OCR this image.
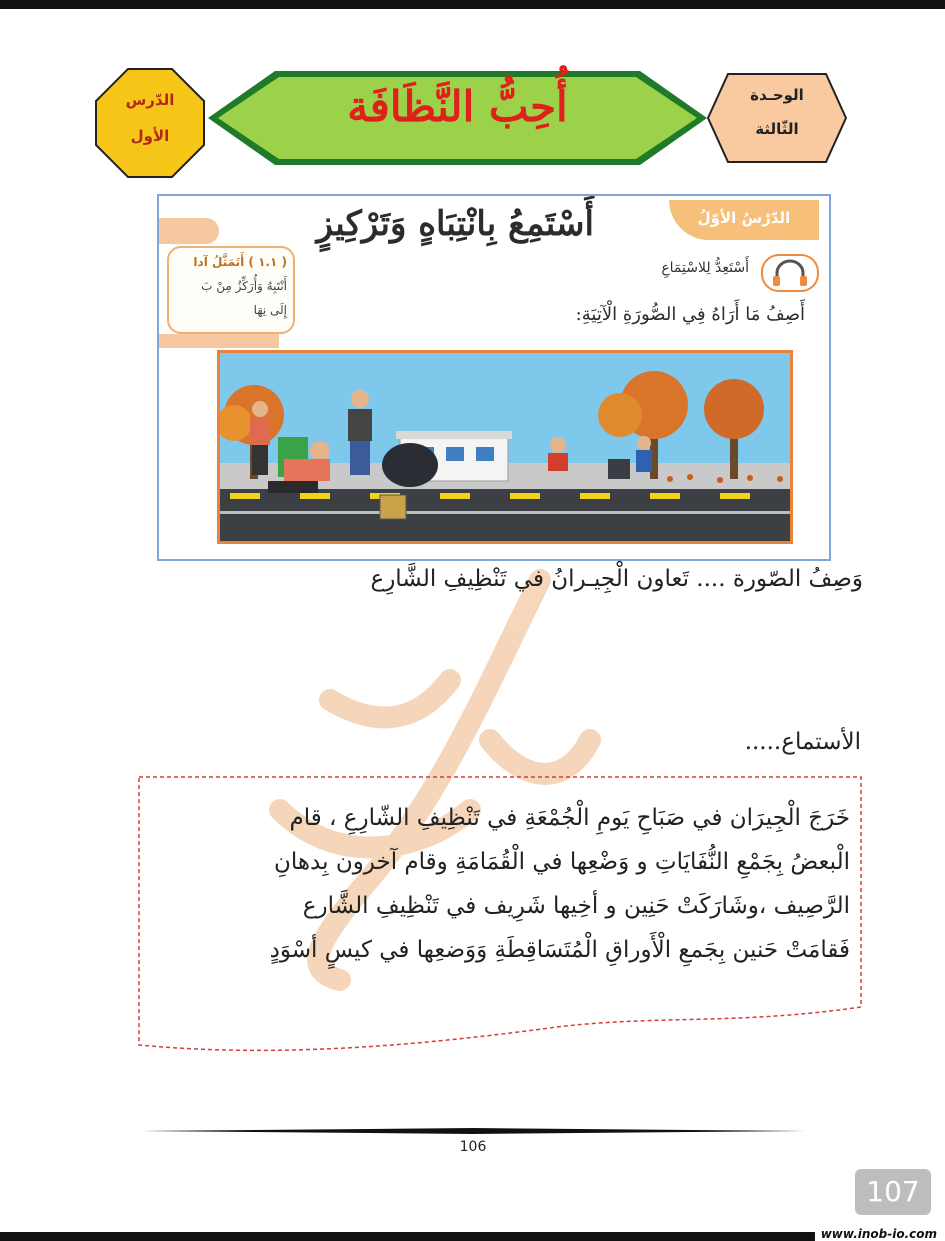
الوحـدة
الثّالثة
أُحِبُّ النَّظَافَة
الدّرس
الأول
الدّرْسُ الأوّلُ
أَسْتَمِعُ بِانْتِبَاهٍ وَتَرْكِيزٍ
أَسْتَعِدُّ لِلاسْتِمَاعِ
أَصِفُ مَا أَرَاهُ فِي الصُّورَةِ الْآتِيَةِ:
( ١.١ ) أَتَمَثَّلُ آدا
أَنْتَبِهُ وَأُرَكِّزُ مِنْ بَ
إِلَى نِهَا
وَصِفُ الصّورة .... تَعاون الْجِيـرانُ في تَنْظِيفِ الشَّارِع
الأستماع.....
خَرَجَ الْجِيرَان في صَبَاحِ يَومِ الْجُمْعَةِ في تَنْظِيفِ الشّارِعِ ، قام
الْبعضُ بِجَمْعِ النُّفَايَاتِ و وَضْعِها في الْقُمَامَةِ وقام آخرون بِدهانِ
الرَّصِيف ،وشَارَكَتْ حَنِين و أخِيها شَرِيف في تَنْظِيفِ الشَّارع
فَقامَتْ حَنين بِجَمعِ الْأَوراقِ الْمُتَسَاقِطَةِ وَوَضعِها في كيسٍ أسْوَدٍ
106
107
www.inob-io.com
